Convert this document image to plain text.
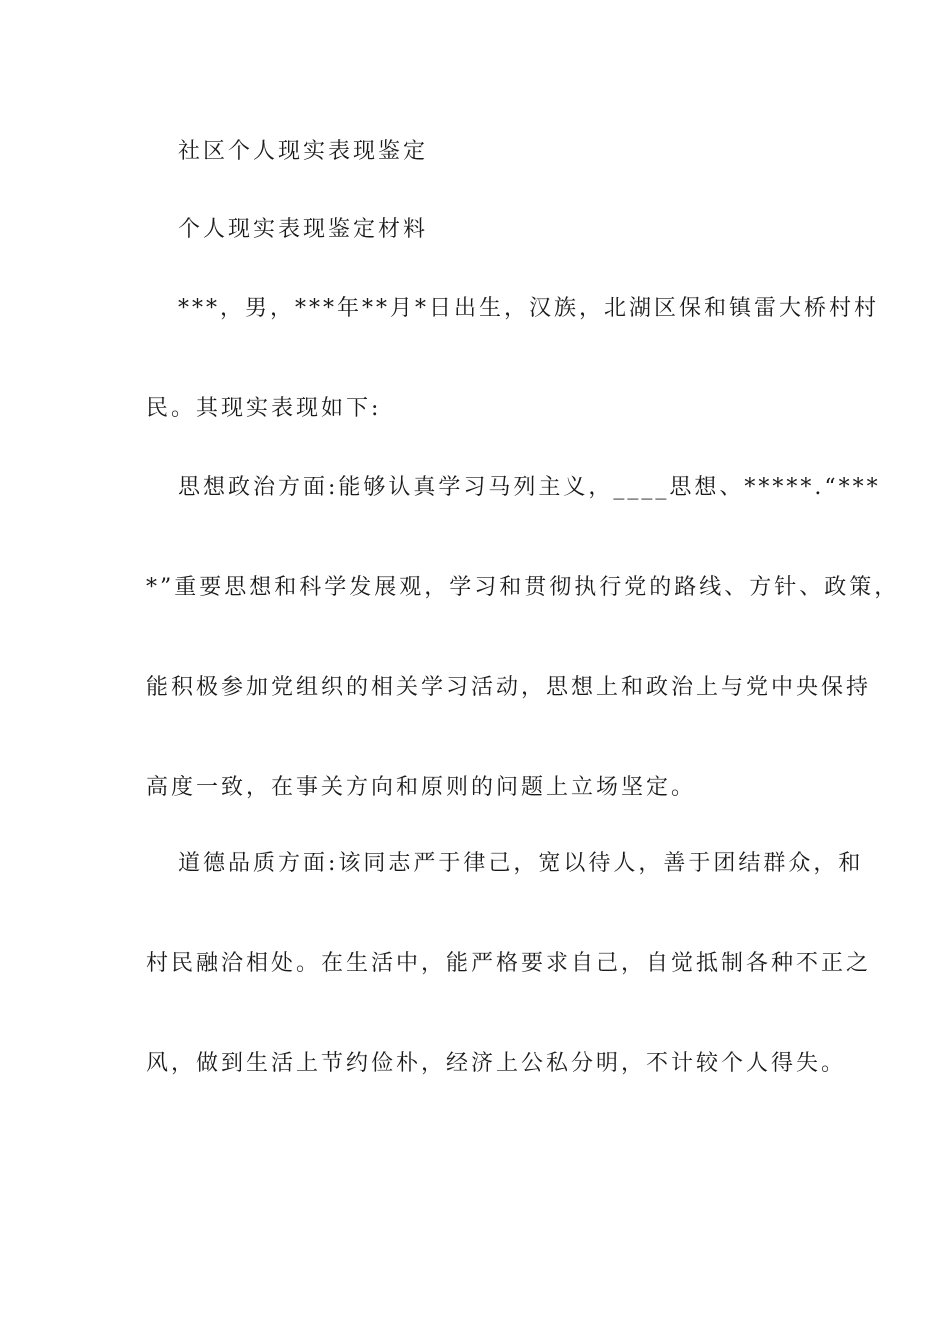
社区个人现实表现鉴定
个人现实表现鉴定材料
***，男，***年**月*日出生，汉族，北湖区保和镇雷大桥村村
民。其现实表现如下:
思想政治方面:能够认真学习马列主义，____思想、*****.“***
*”重要思想和科学发展观，学习和贯彻执行党的路线、方针、政策，
能积极参加党组织的相关学习活动，思想上和政治上与党中央保持
高度一致，在事关方向和原则的问题上立场坚定。
道德品质方面:该同志严于律己，宽以待人，善于团结群众，和
村民融洽相处。在生活中，能严格要求自己，自觉抵制各种不正之
风，做到生活上节约俭朴，经济上公私分明，不计较个人得失。
